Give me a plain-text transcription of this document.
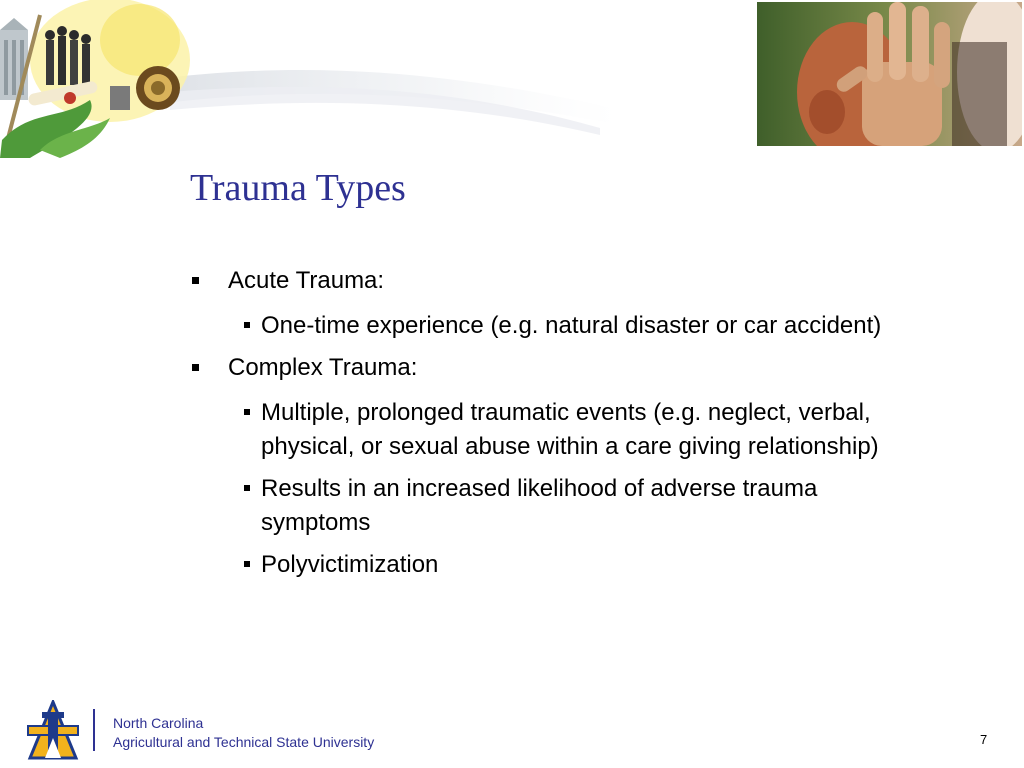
Trauma Types
Acute Trauma:
One-time experience (e.g. natural disaster or car accident)
Complex Trauma:
Multiple, prolonged traumatic events (e.g. neglect, verbal, physical, or sexual abuse within a care giving relationship)
Results in an increased likelihood of adverse trauma symptoms
Polyvictimization
North Carolina
Agricultural and Technical State University	7
